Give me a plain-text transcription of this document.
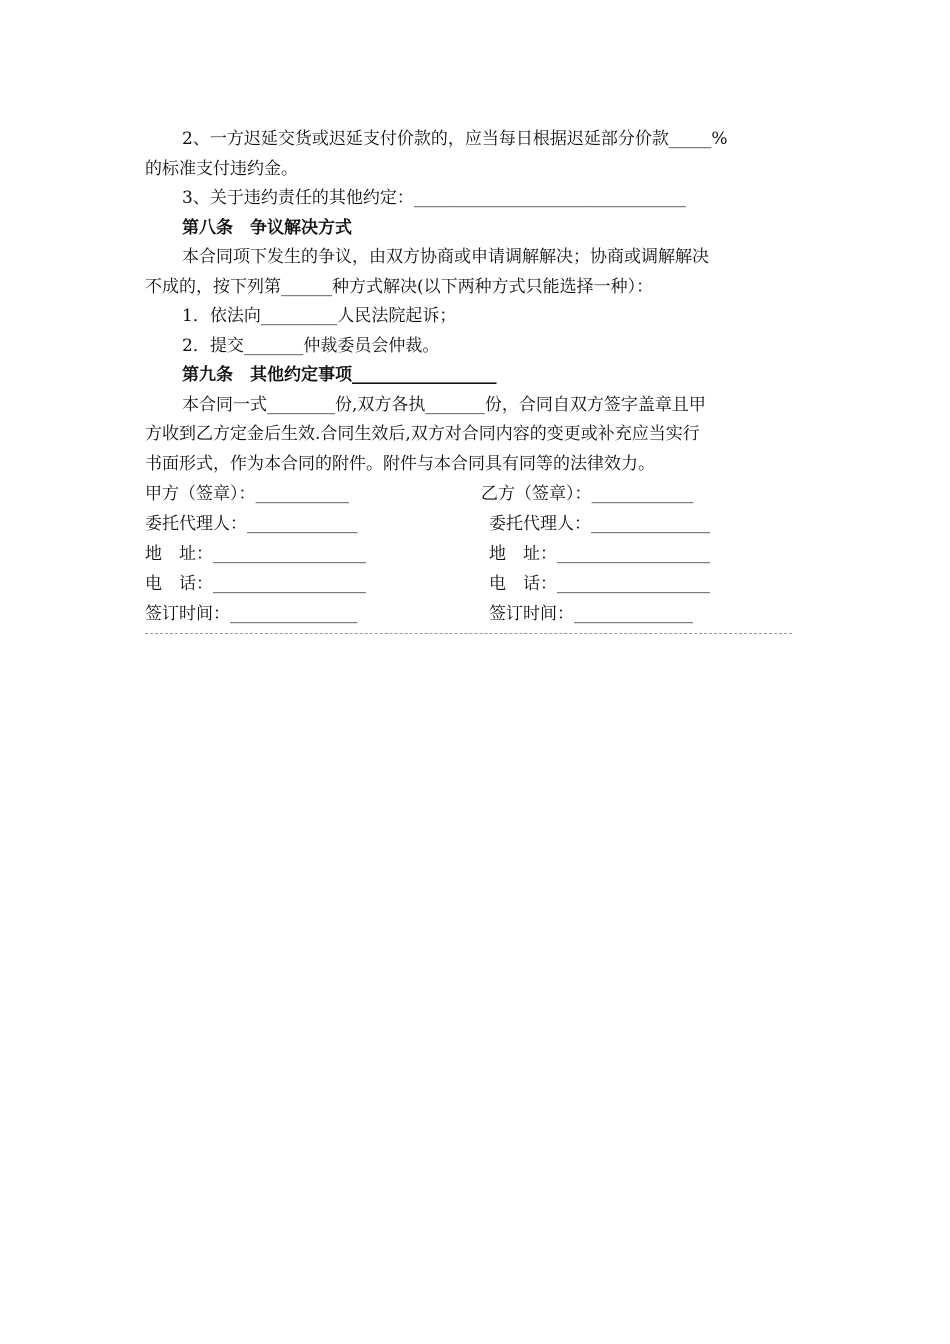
2、一方迟延交货或迟延支付价款的，应当每日根据迟延部分价款_____%
的标准支付违约金。
3、关于违约责任的其他约定：________________________________
第八条　争议解决方式
本合同项下发生的争议，由双方协商或申请调解解决；协商或调解解决
不成的，按下列第______种方式解决(以下两种方式只能选择一种）：
1．依法向_________人民法院起诉；
2．提交_______仲裁委员会仲裁。
第九条　其他约定事项_________________
本合同一式________份,双方各执_______份，合同自双方签字盖章且甲
方收到乙方定金后生效.合同生效后,双方对合同内容的变更或补充应当实行
书面形式，作为本合同的附件。附件与本合同具有同等的法律效力。
甲方（签章）：___________	乙方（签章）：____________
委托代理人：_____________	委托代理人：______________
地　址：__________________	地　址：__________________
电　话：__________________	电　话：__________________
签订时间：_______________	签订时间：______________
